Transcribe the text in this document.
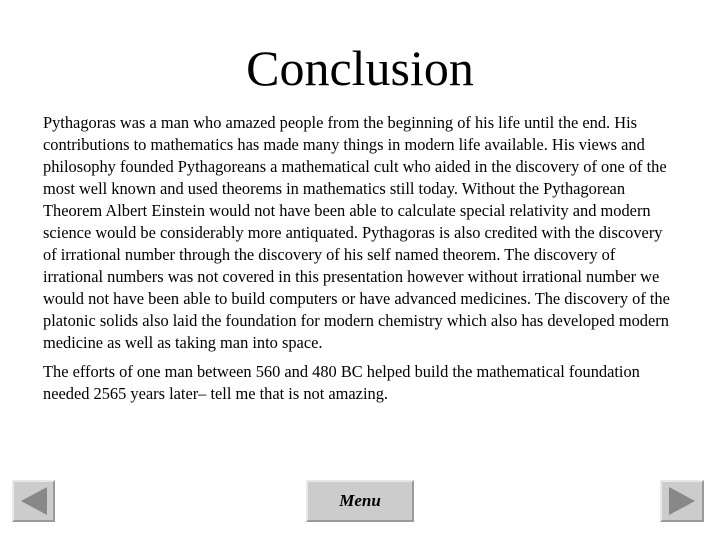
Conclusion

Pythagoras was a man who amazed people from the beginning of his life until the end. His contributions to mathematics has made many things in modern life available. His views and philosophy founded Pythagoreans a mathematical cult who aided in the discovery of one of the most well known and used theorems in mathematics still today. Without the Pythagorean Theorem Albert Einstein would not have been able to calculate special relativity and modern science would be considerably more antiquated. Pythagoras is also credited with the discovery of irrational number through the discovery of his self named theorem. The discovery of irrational numbers was not covered in this presentation however without irrational number we would not have been able to build computers or have advanced medicines. The discovery of the platonic solids also laid the foundation for modern chemistry which also has developed modern medicine as well as taking man into space.

The efforts of one man between 560 and 480 BC helped build the mathematical foundation needed 2565 years later– tell me that is not amazing.

Menu
